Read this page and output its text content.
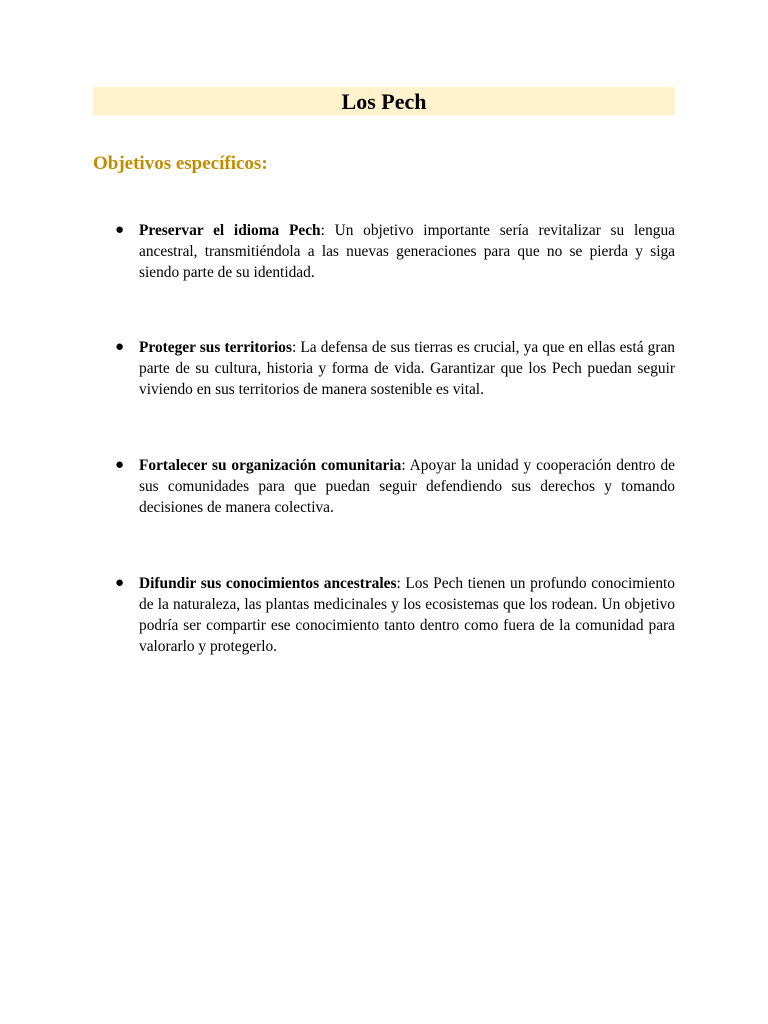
Los Pech
Objetivos específicos:
● Preservar el idioma Pech: Un objetivo importante sería revitalizar su lengua ancestral, transmitiéndola a las nuevas generaciones para que no se pierda y siga siendo parte de su identidad.
● Proteger sus territorios: La defensa de sus tierras es crucial, ya que en ellas está gran parte de su cultura, historia y forma de vida. Garantizar que los Pech puedan seguir viviendo en sus territorios de manera sostenible es vital.
● Fortalecer su organización comunitaria: Apoyar la unidad y cooperación dentro de sus comunidades para que puedan seguir defendiendo sus derechos y tomando decisiones de manera colectiva.
● Difundir sus conocimientos ancestrales: Los Pech tienen un profundo conocimiento de la naturaleza, las plantas medicinales y los ecosistemas que los rodean. Un objetivo podría ser compartir ese conocimiento tanto dentro como fuera de la comunidad para valorarlo y protegerlo.
